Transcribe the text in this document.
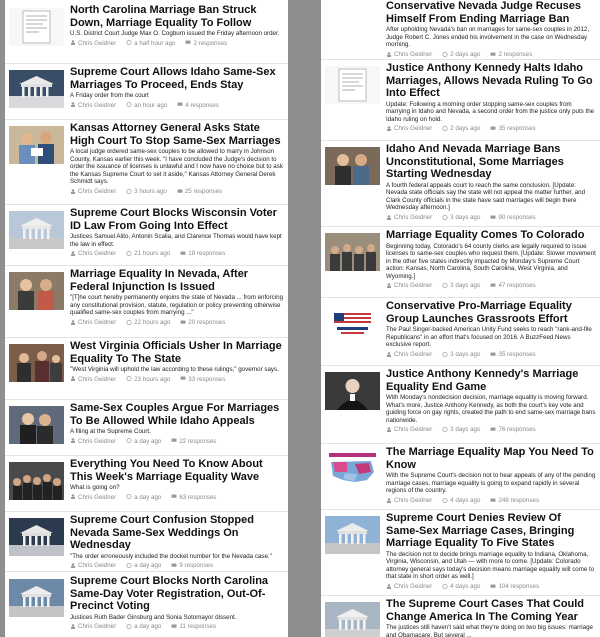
North Carolina Marriage Ban Struck Down, Marriage Equality To Follow

U.S. District Court Judge Max O. Cogburn issued the Friday afternoon order.

Chris Geidner	a half hour ago	2 responses
Supreme Court Allows Idaho Same-Sex Marriages To Proceed, Ends Stay

A Friday order from the court

Chris Geidner	an hour ago	4 responses
Kansas Attorney General Asks State High Court To Stop Same-Sex Marriages

A local judge ordered same-sex couples to be allowed to marry in Johnson County, Kansas earlier this week. "I have concluded the Judge's decision to order the issuance of licenses is unlawful and I now have no choice but to ask the Kansas Supreme Court to set it aside," Kansas Attorney General Derek Schmidt says.

Chris Geidner	3 hours ago	25 responses
Supreme Court Blocks Wisconsin Voter ID Law From Going Into Effect

Justices Samuel Alito, Antonin Scalia, and Clarence Thomas would have kept the law in effect.

Chris Geidner	21 hours ago	18 responses
Marriage Equality In Nevada, After Federal Injunction Is Issued

"[T]he court hereby permanently enjoins the state of Nevada ... from enforcing any constitutional provision, statute, regulation or policy preventing otherwise qualified same-sex couples from marrying ..."

Chris Geidner	22 hours ago	20 responses
West Virginia Officials Usher In Marriage Equality To The State

"West Virginia will uphold the law according to these rulings," governor says.

Chris Geidner	23 hours ago	33 responses
Same-Sex Couples Argue For Marriages To Be Allowed While Idaho Appeals

A filing at the Supreme Court.

Chris Geidner	a day ago	22 responses
Everything You Need To Know About This Week's Marriage Equality Wave

What is going on?

Chris Geidner	a day ago	63 responses
Supreme Court Confusion Stopped Nevada Same-Sex Weddings On Wednesday

"The order erroneously included the docket number for the Nevada case."

Chris Geidner	a day ago	9 responses
Supreme Court Blocks North Carolina Same-Day Voter Registration, Out-Of-Precinct Voting

Justices Ruth Bader Ginsburg and Sonia Sotomayor dissent.

Chris Geidner	a day ago	11 responses
Conservative Nevada Judge Recuses Himself From Ending Marriage Ban

After upholding Nevada's ban on marriages for same-sex couples in 2012, Judge Robert C. Jones ended his involvement in the case on Wednesday morning.

Chris Geidner	2 days ago	2 responses
Justice Anthony Kennedy Halts Idaho Marriages, Allows Nevada Ruling To Go Into Effect

Update: Following a morning order stopping same-sex couples from marrying in Idaho and Nevada, a second order from the justice only puts the Idaho ruling on hold.

Chris Geidner	2 days ago	35 responses
Idaho And Nevada Marriage Bans Unconstitutional, Some Marriages Starting Wednesday

A fourth federal appeals court to reach the same conclusion. [Update: Nevada state officials say the state will not appeal the matter further, and Clark County officials in the state have said marriages will begin there Wednesday afternoon.]

Chris Geidner	3 days ago	90 responses
Marriage Equality Comes To Colorado

Beginning today, Colorado's 64 county clerks are legally required to issue licenses to same-sex couples who request them. [Update: Slower movement in the other five states indirectly impacted by Monday's Supreme Court action: Kansas, North Carolina, South Carolina, West Virginia, and Wyoming.]

Chris Geidner	3 days ago	47 responses
Conservative Pro-Marriage Equality Group Launches Grassroots Effort

The Paul Singer-backed American Unity Fund seeks to reach "rank-and-file Republicans" in an effort that's focused on 2016. A BuzzFeed News exclusive report.

Chris Geidner	3 days ago	35 responses
Justice Anthony Kennedy's Marriage Equality End Game

With Monday's nondecision decision, marriage equality is moving forward. What's more, Justice Anthony Kennedy, as both the court's key vote and guiding force on gay rights, created the path to end same-sex marriage bans nationwide.

Chris Geidner	3 days ago	76 responses
The Marriage Equality Map You Need To Know

With the Supreme Court's decision not to hear appeals of any of the pending marriage cases, marriage equality is going to expand rapidly in several regions of the country.

Chris Geidner	4 days ago	248 responses
Supreme Court Denies Review Of Same-Sex Marriage Cases, Bringing Marriage Equality To Five States

The decision not to decide brings marriage equality to Indiana, Oklahoma, Virginia, Wisconsin, and Utah — with more to come. [Update: Colorado attorney general says today's decision means marriage equality will come to that state in short order as well.]

Chris Geidner	4 days ago	104 responses
The Supreme Court Cases That Could Change America In The Coming Year

The justices still haven't said what they're doing on two big issues: marriage and Obamacare. But several ...
